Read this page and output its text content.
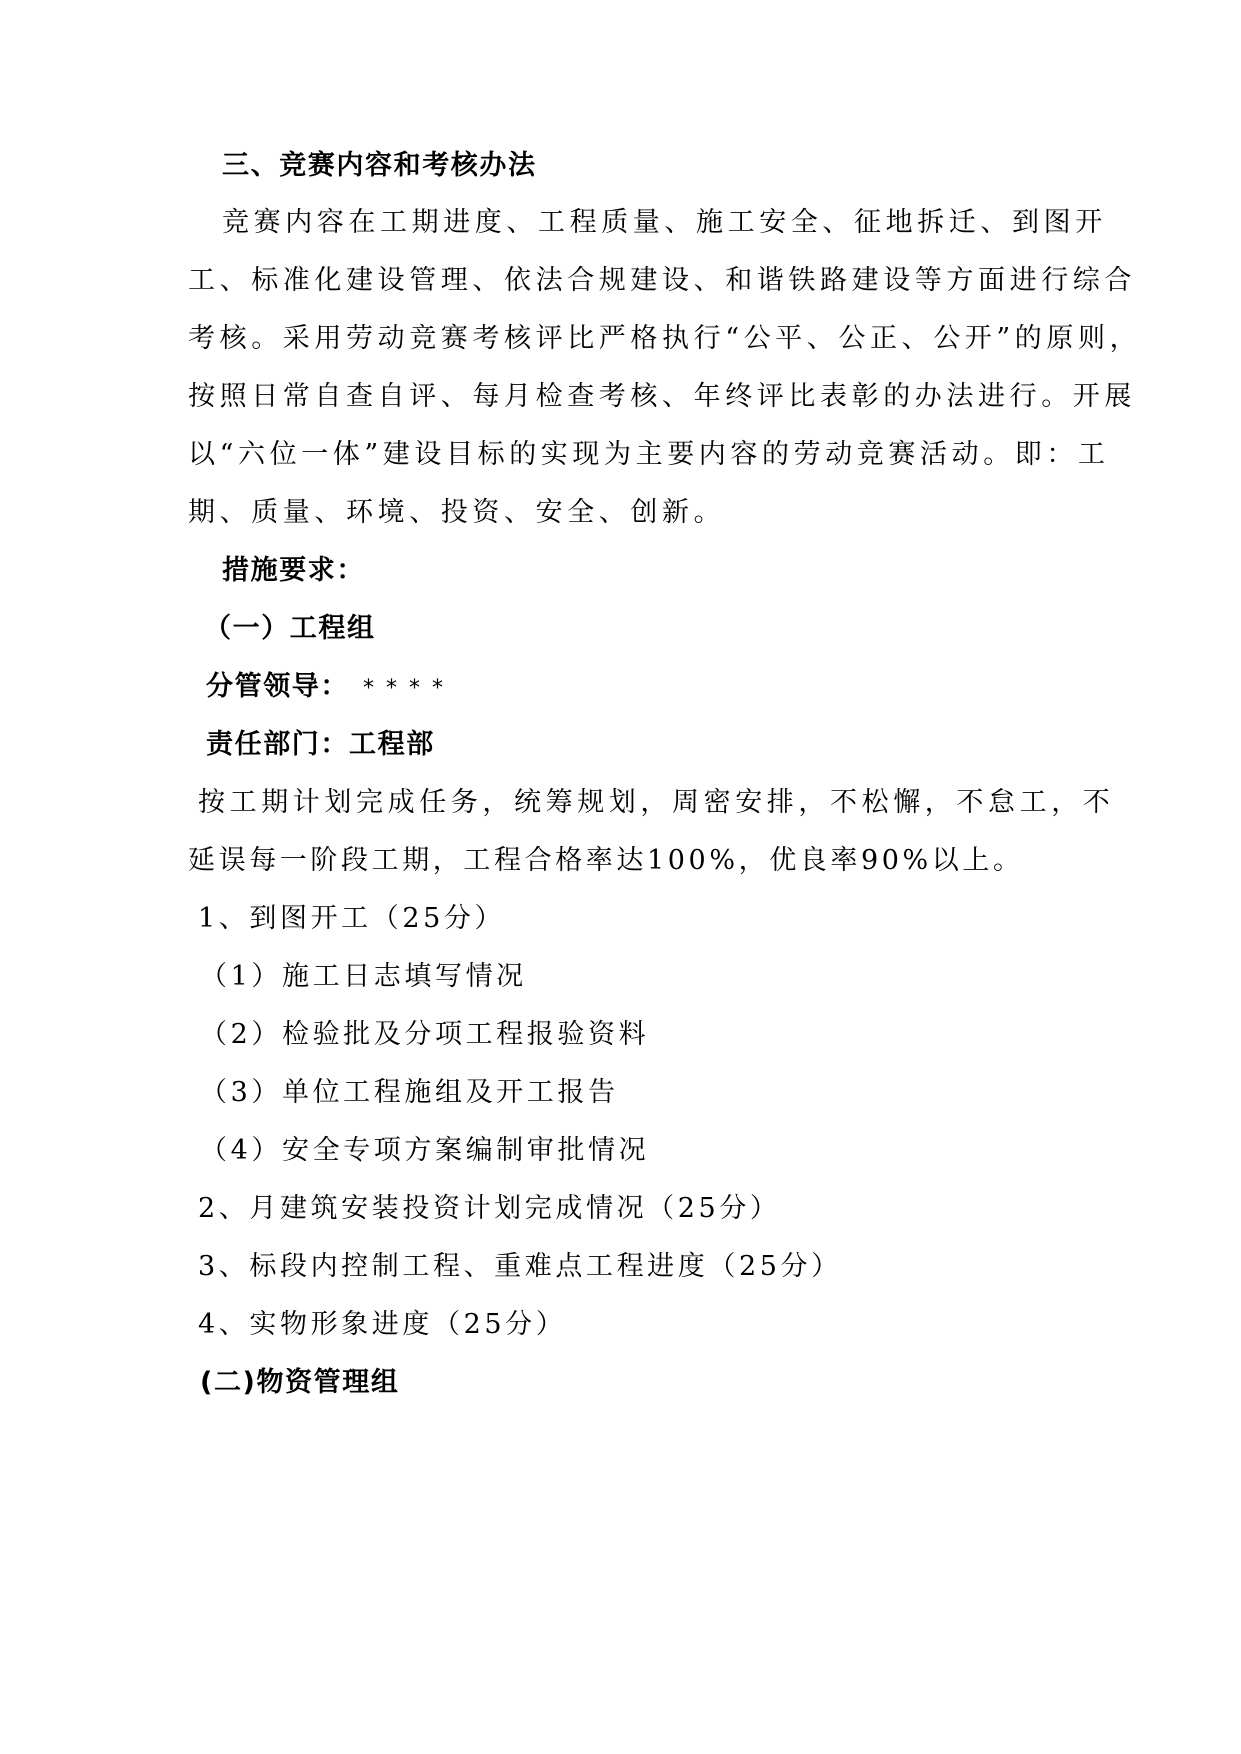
三、竞赛内容和考核办法
竞赛内容在工期进度、工程质量、施工安全、征地拆迁、到图开
工、标准化建设管理、依法合规建设、和谐铁路建设等方面进行综合
考核。采用劳动竞赛考核评比严格执行“公平、公正、公开”的原则，
按照日常自查自评、每月检查考核、年终评比表彰的办法进行。开展
以“六位一体”建设目标的实现为主要内容的劳动竞赛活动。即：工
期、质量、环境、投资、安全、创新。
措施要求：
（一）工程组
分管领导： ****
责任部门：工程部
按工期计划完成任务，统筹规划，周密安排，不松懈，不怠工，不
延误每一阶段工期，工程合格率达100%，优良率90%以上。
1、到图开工（25分）
（1）施工日志填写情况
（2）检验批及分项工程报验资料
（3）单位工程施组及开工报告
（4）安全专项方案编制审批情况
2、月建筑安装投资计划完成情况（25分）
3、标段内控制工程、重难点工程进度（25分）
4、实物形象进度（25分）
(二)物资管理组
